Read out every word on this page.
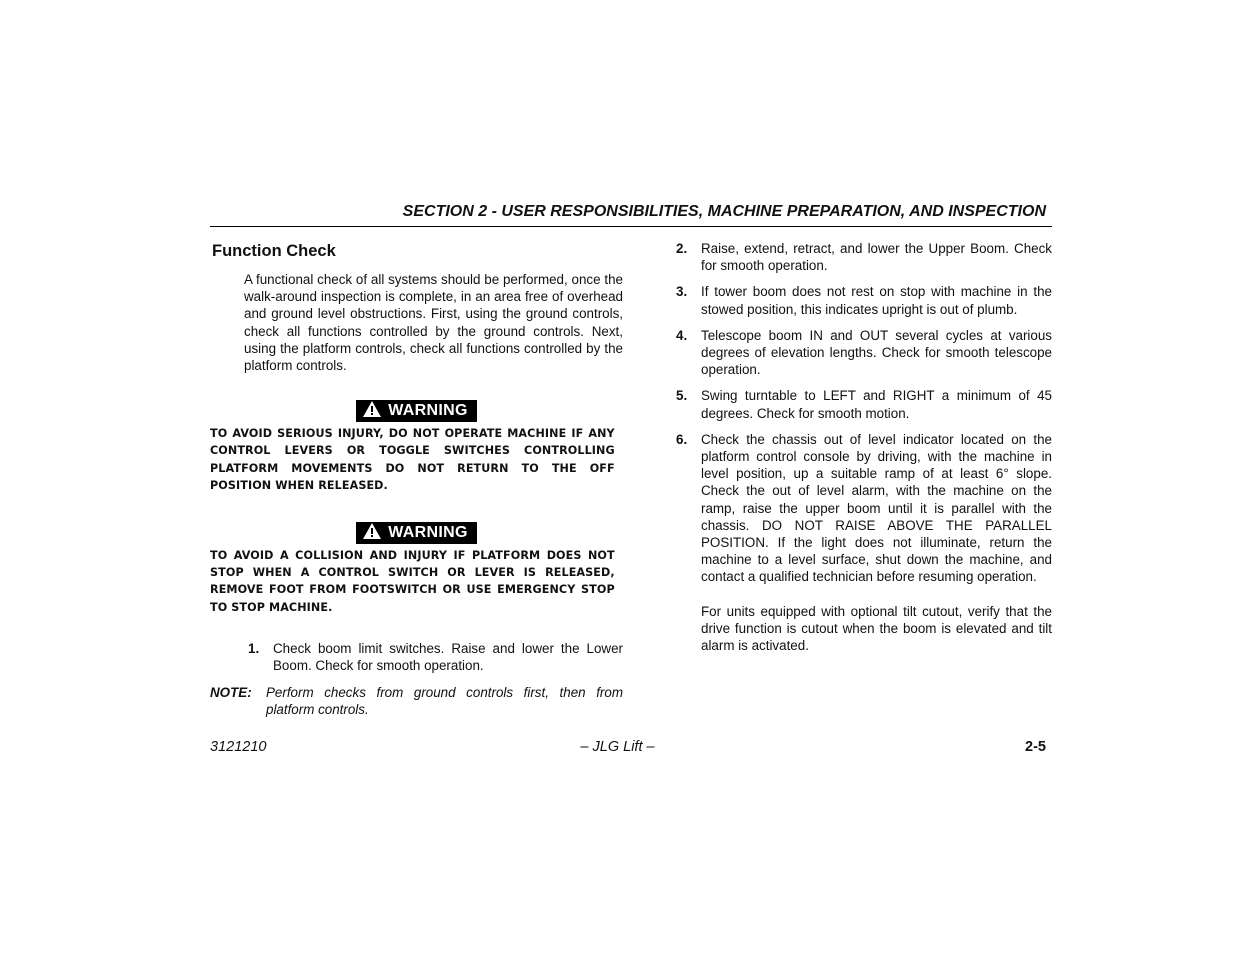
SECTION 2 - USER RESPONSIBILITIES, MACHINE PREPARATION, AND INSPECTION
Function Check
A functional check of all systems should be performed, once the walk-around inspection is complete, in an area free of overhead and ground level obstructions. First, using the ground controls, check all functions controlled by the ground controls. Next, using the platform controls, check all functions controlled by the platform controls.
WARNING
TO AVOID SERIOUS INJURY, DO NOT OPERATE MACHINE IF ANY CONTROL LEVERS OR TOGGLE SWITCHES CONTROLLING PLATFORM MOVEMENTS DO NOT RETURN TO THE OFF POSITION WHEN RELEASED.
WARNING
TO AVOID A COLLISION AND INJURY IF PLATFORM DOES NOT STOP WHEN A CONTROL SWITCH OR LEVER IS RELEASED, REMOVE FOOT FROM FOOTSWITCH OR USE EMERGENCY STOP TO STOP MACHINE.
1.	Check boom limit switches. Raise and lower the Lower Boom. Check for smooth operation.
NOTE:	Perform checks from ground controls first, then from platform controls.
2.	Raise, extend, retract, and lower the Upper Boom. Check for smooth operation.
3.	If tower boom does not rest on stop with machine in the stowed position, this indicates upright is out of plumb.
4.	Telescope boom IN and OUT several cycles at various degrees of elevation lengths. Check for smooth telescope operation.
5.	Swing turntable to LEFT and RIGHT a minimum of 45 degrees. Check for smooth motion.
6.	Check the chassis out of level indicator located on the platform control console by driving, with the machine in level position, up a suitable ramp of at least 6° slope. Check the out of level alarm, with the machine on the ramp, raise the upper boom until it is parallel with the chassis. DO NOT RAISE ABOVE THE PARALLEL POSITION. If the light does not illuminate, return the machine to a level surface, shut down the machine, and contact a qualified technician before resuming operation.
For units equipped with optional tilt cutout, verify that the drive function is cutout when the boom is elevated and tilt alarm is activated.
3121210	– JLG Lift –	2-5
